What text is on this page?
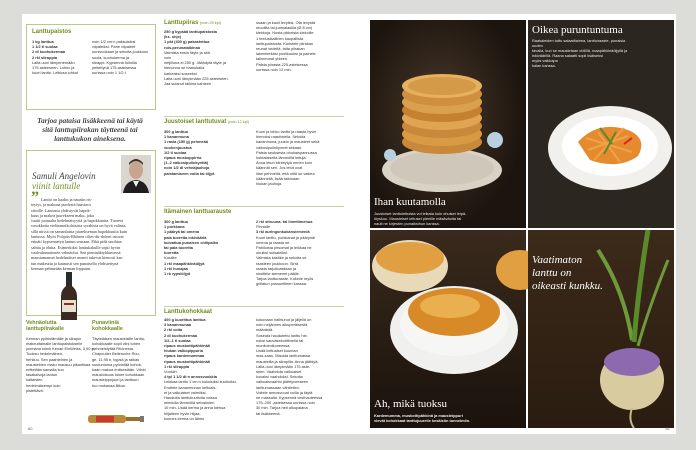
Lanttupaistos
1 kg lanttua
1 1/2 tl suolaa
2 dl kuohukermaa
2 rkl siirappia
Laita uuni lämpenemään
175 asteeseen. Lohko ja
kuori lanttu. Leikkaa lohkot
noin 1/2 cm:n paksuisiksi
viipaleiksi. Pane viipaleet
uunivuokaan ja sekoita joukkoon
suola, kuohukerma ja
siirappi. Kypsennä folioilla
peitettynä 175-asteisessa
uunissa noin 1 1/2 t.
Tarjoa pataisa lisäkkeenä tai käytä
sitä lanttupiirakan täytteenä tai
lanttukukon aineksena.
Samuli Angelovin
viinit lantulle
” Lantto on kaalin ja nauriin ris-
teytys, ja makuna puolestä haastava
viinille. Lantussa yhdistyvät hapok-
kuus ja makea juurekseen maku, joka
vaatii juomalta hedelmäisyyttä ja hapokkuutta. Tuoreet
vasokkeita etelärannikolaisista syrahista on hyvä valinta,
sillä niissä on samanlaista juurekseman hapokkuutta kuin
lantussa. Myös Pohjois-Rhônen côtes-du-rhônet istuvat
erinäti kypsennetyn lantun seuraan. Eikä pidä unohtaa
sahtia ja olutta. Esimerkiksi lanttukakulle sopii hyvin
vaaleahanuttonen vehnäolut. Sen pieninäkiykkimessä
maustamanset hedelmäiset aromit tukevat hienosti kas-
tun makeutta ja kaunusti sen punaisella yhdistettynä
kerman pehmeään kerman loppuun.
Vehnäolutta
lanttupiirakalle
Kerman pyöristämälle ja siirapin
makeuttamalle lanttupaistokselle
juomana toimii Kenari EinWeiss, 3,00 e.
Tuoksu hedelmäinen,
hehkuu. Sen paahteinen ja
mausteinen maku mausuu pikantisaa
erittelään samalla kun
tasakalvoja lantun
kaltaisten
hedelmäisempi kuin
pistettävä.
Punaviiniä
kohokkaalle
Täyteläisen mausteisille lanttu-
kohokkaalle sopii viini tuhen
pehmeistytää Rhônesta.
Chapoutier Belleruche Rou-
ge, 11,95 e, kypsä ja raikas
suutuntuma pyöristää kohok-
kaan makua entisestään. Viinin
maustoisuus tukee kohokkaan
mausteippojuuri ja lanttuun
tuo mukanaa llittoa.
Lanttupiiras (noin 25 kpl)
250 g kypsää lanttupaistosta
(ks. ohje)
1 pkt (400 g) pakastettua
ruis-perunataikinaa
Valmista ensin täyte ja sitä
voin
netjillona ei 250 g. Jäähdytä täyte ja
hienonna se haarukalla
karkeaksi soseeksi.
Laita uuni lämpimään 225 asteeseen.
Jaa sulanut taikina kahteen
osaan ja kauli levyiksi. Ota levystä
muotilla tai juomalasilla (Ø 8 cm)
kiekkoja. Nosta pikkeista kiekoille
1 teelusikallinen kaupallista
lanttupaistosta. Koristele piirakan
reunat vedellä, taita piirakan
lakenteekäsi puolikuuksi ja painele
talinreunat yhteen.
Paista piirasta 225-asteisessa
uunissa noin 12 min.
Juustoiset lanttutuvat (noin 12 kpl)
300 g lanttua
1 kananmuna
1 rasia (150 g) pehmeää
vuohenjuustoa
1/2 tl suolaa
ripaus muskoppirria
(1–2 valkosipulinkynttä)
noin 1/2 dl vehnäjauhoja
paistamiseen voita tai öljyä
Kuori ja lohko lanttu ja raasta hyvin
hienoksi raastimella. Sekoita
kananmuna, juusto ja mausteet sekä
valkosipulinkynnet sekaan.
Paista seoksesta ohukaispannussa
kohtalaisella lämmöllä lettuja.
Anna letun kiinteytyä ennen kuin
käännät sen. Jos letut ovat
liian pehmeitä, että niitä on vaikea
käännellä, lisää taikinaan
hiukan jauhoja.
Itämainen lanttuarauste
300 g lanttua
1 porkkana
1 pääryä tai omena
pala tuoretta inkivääriä
kuivattua punaisen chilipalko
tai pala tuoretta
tuoretta
Kastike
1 rkl maapähkinäöljyä
1 rkl hunajaa
1 rk rypsiöljyä
2 rkl sitruuna- tai limettimehua
Pinnalle
3 rkl auringonkukansiemeniä
Kuori lanttu, porkkanat ja päärynä/
omena ja raasta ne.
Pahiloista pirsomat ja leikkaa ne
ohuiksi suikaleiksi.
Valmista kastike ja sekoita se
raasteen joukkoon. Sirrä
raasta tarjoiluastiaan ja
siroittele siemenet päälle.
Tarjoa lantturaaste. Kokeile myös
grillatun possunfileen kanssa.
Lanttukohokkaat
400 g kuorittua lanttua
3 kananmunaa
2 rkl voita
2 dl kuohukermaa
1/2–1 tl suolaa
ripaus muskottipähkinää
hiukan valkopippuria
ripaus kardemummaa
ripaus muskottipähkinää
1 rkl siirappia
Vuokiin
4 tpl 1 1/2 dl:n annosvuokkia
Leikkaa lanttu 1 cm:n kokoisiksi kuutioiksi.
Erottele kananmunan keltuais-
et ja valkuaiset valmiiksi.
Haudutta lanttukuutioita voissa
miedolla lämmöllä selosiinien
10 min. Lisää kerma ja anna kiehua
hiljalleen hyvin hiljaa,
kunnes kerma on lähes
kokonaan haihtunut ja jäljellä on
noin neljännes alkuperäisestä
määrästä.
Soseuta haudutettu lanttu hie-
noksi sauvasekoittimella tai
monitoimikoneessa.
Lisää keltuaiset kuuman
mas-saan. Mausta lanttumassa
mausteilla ja siirapilla. Anna jäähtyä.
Laita uuni lämpimään 175 aste-
seen. Vaahdota valkuaiset
kovaksi vaahdoksi. Sekoita
valkuaisvaahto jäähtyneeseen
lanttumassaan vähitellen.
Voitele annosvuoat voilla ja täytä
ne massalla. Kypsennä vesihauteessa
175–200 -asteisessa uunissa noin
30 min. Tarjoa heti alkupalana
tai lisäkkeenä.
80
Ihan kuutamolla
Juustoiset lanttulettuista voi leikata kuin ohuiset leipä-
löyskuu. Mausteiset lettuset pienille mäsäväoita tai
nauti ne kirjesten punaiksihun kanssa.
Oikea puruntuntuma
Raakaleiden tuttu salaattiainea, lanttuiraaste, punaisia
uuden
tavalla, kun se maustetaan chilillä, maapähkinäöljyllä ja
inkiväärillä. Raana salaatti sopii lisäiseksi
myös vaikkapa
kalan kanssa.
Ah, mikä tuoksu
Kardemumma, muskottipähkinä ja mausteippuri
vievät kohokkaat lanttujuurelle kesäisiin tunnelmiin.
Vaatimaton
lanttu on
oikeasti kunkku.
81
